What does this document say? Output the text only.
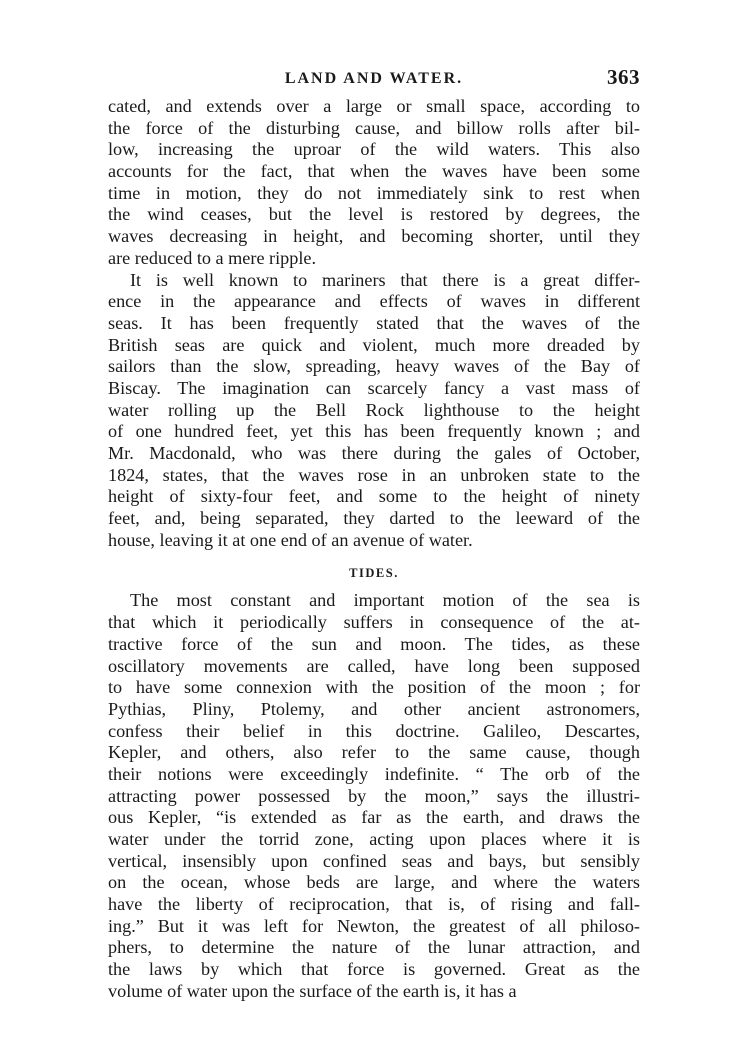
LAND AND WATER.	363
cated, and extends over a large or small space, according to
the force of the disturbing cause, and billow rolls after bil-
low, increasing the uproar of the wild waters. This also
accounts for the fact, that when the waves have been some
time in motion, they do not immediately sink to rest when
the wind ceases, but the level is restored by degrees, the
waves decreasing in height, and becoming shorter, until they
are reduced to a mere ripple.
It is well known to mariners that there is a great differ-
ence in the appearance and effects of waves in different
seas. It has been frequently stated that the waves of the
British seas are quick and violent, much more dreaded by
sailors than the slow, spreading, heavy waves of the Bay of
Biscay. The imagination can scarcely fancy a vast mass of
water rolling up the Bell Rock lighthouse to the height
of one hundred feet, yet this has been frequently known ; and
Mr. Macdonald, who was there during the gales of October,
1824, states, that the waves rose in an unbroken state to the
height of sixty-four feet, and some to the height of ninety
feet, and, being separated, they darted to the leeward of the
house, leaving it at one end of an avenue of water.
TIDES.
The most constant and important motion of the sea is
that which it periodically suffers in consequence of the at-
tractive force of the sun and moon. The tides, as these
oscillatory movements are called, have long been supposed
to have some connexion with the position of the moon ; for
Pythias, Pliny, Ptolemy, and other ancient astronomers,
confess their belief in this doctrine. Galileo, Descartes,
Kepler, and others, also refer to the same cause, though
their notions were exceedingly indefinite. “ The orb of the
attracting power possessed by the moon,” says the illustri-
ous Kepler, “is extended as far as the earth, and draws the
water under the torrid zone, acting upon places where it is
vertical, insensibly upon confined seas and bays, but sensibly
on the ocean, whose beds are large, and where the waters
have the liberty of reciprocation, that is, of rising and fall-
ing.” But it was left for Newton, the greatest of all philoso-
phers, to determine the nature of the lunar attraction, and
the laws by which that force is governed. Great as the
volume of water upon the surface of the earth is, it has a
